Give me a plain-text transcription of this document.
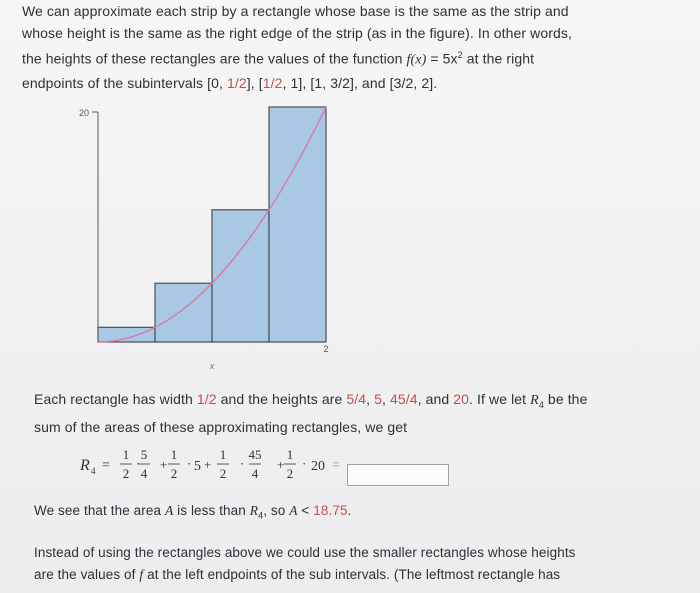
We can approximate each strip by a rectangle whose base is the same as the strip and
whose height is the same as the right edge of the strip (as in the figure). In other words,
the heights of these rectangles are the values of the function $f(x) = 5x^2$ at the right
endpoints of the subintervals [0, 1/2], [1/2, 1], [1, 3/2], and [3/2, 2].
20
2
x
Each rectangle has width 1/2 and the heights are 5/4, 5, 45/4, and 20. If we let $R_4$ be the
sum of the areas of these approximating rectangles, we get
R 4 =
1
2
5
4
1
2
1
2
45
4
1
2
+ · 5 + ·	+ · 20 =
·
We see that the area A is less than $R_4$, so A < 18.75.
Instead of using the rectangles above we could use the smaller rectangles whose heights
are the values of f at the left endpoints of the sub intervals. (The leftmost rectangle has
